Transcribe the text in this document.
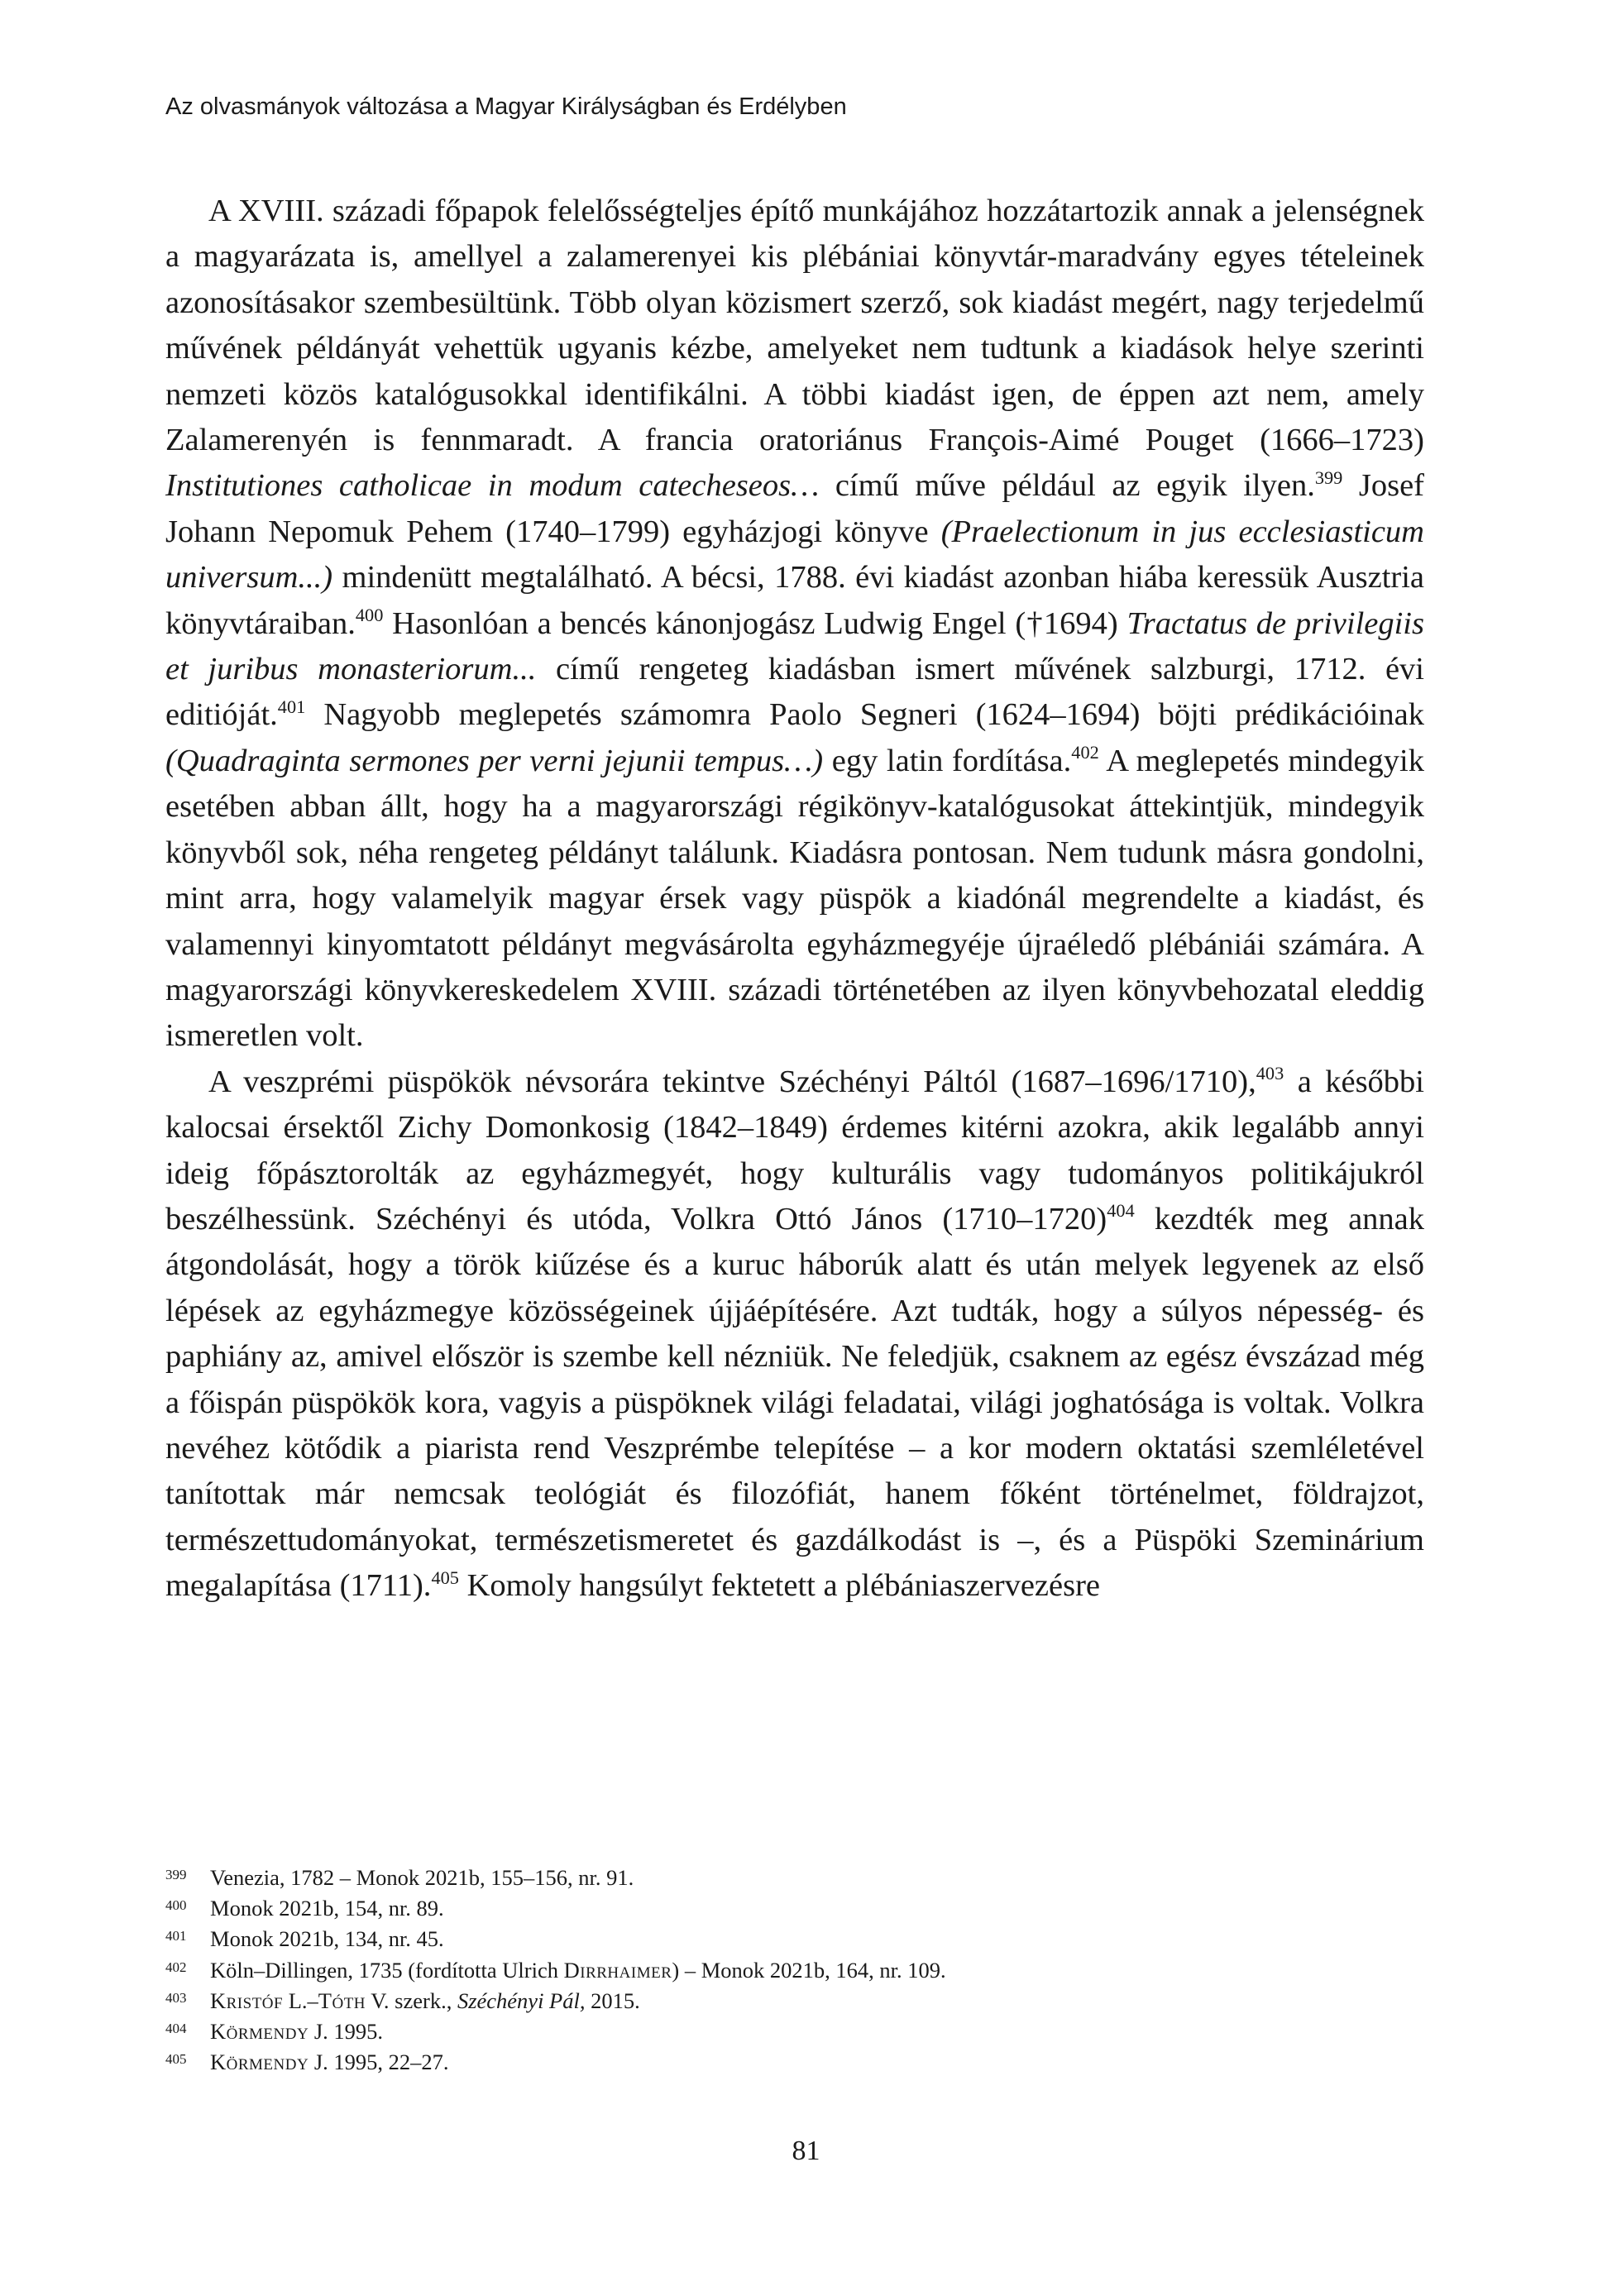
Az olvasmányok változása a Magyar Királyságban és Erdélyben

A XVIII. századi főpapok felelősségteljes építő munkájához hozzátartozik annak a jelenségnek a magyarázata is, amellyel a zalamerenyei kis plébániai könyvtár-maradvány egyes tételeinek azonosításakor szembesültünk. Több olyan közismert szerző, sok kiadást megért, nagy terjedelmű művének példányát vehettük ugyanis kézbe, amelyeket nem tudtunk a kiadások helye szerinti nemzeti közös katalógusokkal identifikálni. A többi kiadást igen, de éppen azt nem, amely Zalamerenyén is fennmaradt. A francia oratoriánus François-Aimé Pouget (1666–1723) Institutiones catholicae in modum catecheseos… című műve például az egyik ilyen.$^{399}$ Josef Johann Nepomuk Pehem (1740–1799) egyházjogi könyve (Praelectionum in jus ecclesiasticum universum...) mindenütt megtalálható. A bécsi, 1788. évi kiadást azonban hiába keressük Ausztria könyvtáraiban.$^{400}$ Hasonlóan a bencés kánonjogász Ludwig Engel (†1694) Tractatus de privilegiis et juribus monasteriorum... című rengeteg kiadásban ismert művének salzburgi, 1712. évi editióját.$^{401}$ Nagyobb meglepetés számomra Paolo Segneri (1624–1694) böjti prédikációinak (Quadraginta sermones per verni jejunii tempus…) egy latin fordítása.$^{402}$ A meglepetés mindegyik esetében abban állt, hogy ha a magyarországi régikönyv-katalógusokat áttekintjük, mindegyik könyvből sok, néha rengeteg példányt találunk. Kiadásra pontosan. Nem tudunk másra gondolni, mint arra, hogy valamelyik magyar érsek vagy püspök a kiadónál megrendelte a kiadást, és valamennyi kinyomtatott példányt megvásárolta egyházmegyéje újraéledő plébániái számára. A magyarországi könyvkereskedelem XVIII. századi történetében az ilyen könyvbehozatal eleddig ismeretlen volt.

A veszprémi püspökök névsorára tekintve Széchényi Páltól (1687–1696/1710),$^{403}$ a későbbi kalocsai érsektől Zichy Domonkosig (1842–1849) érdemes kitérni azokra, akik legalább annyi ideig főpásztorolták az egyházmegyét, hogy kulturális vagy tudományos politikájukról beszélhessünk. Széchényi és utóda, Volkra Ottó János (1710–1720)$^{404}$ kezdték meg annak átgondolását, hogy a török kiűzése és a kuruc háborúk alatt és után melyek legyenek az első lépések az egyházmegye közösségeinek újjáépítésére. Azt tudták, hogy a súlyos népesség- és paphiány az, amivel először is szembe kell nézniük. Ne feledjük, csaknem az egész évszázad még a főispán püspökök kora, vagyis a püspöknek világi feladatai, világi joghatósága is voltak. Volkra nevéhez kötődik a piarista rend Veszprémbe telepítése – a kor modern oktatási szemléletével tanítottak már nemcsak teológiát és filozófiát, hanem főként történelmet, földrajzot, természettudományokat, természetismeretet és gazdálkodást is –, és a Püspöki Szeminárium megalapítása (1711).$^{405}$ Komoly hangsúlyt fektetett a plébániaszervezésre

399 Venezia, 1782 – Monok 2021b, 155–156, nr. 91.
400 Monok 2021b, 154, nr. 89.
401 Monok 2021b, 134, nr. 45.
402 Köln–Dillingen, 1735 (fordította Ulrich Dirrhaimer) – Monok 2021b, 164, nr. 109.
403 Kristóf L.–Tóth V. szerk., Széchényi Pál, 2015.
404 Körmendy J. 1995.
405 Körmendy J. 1995, 22–27.
81
